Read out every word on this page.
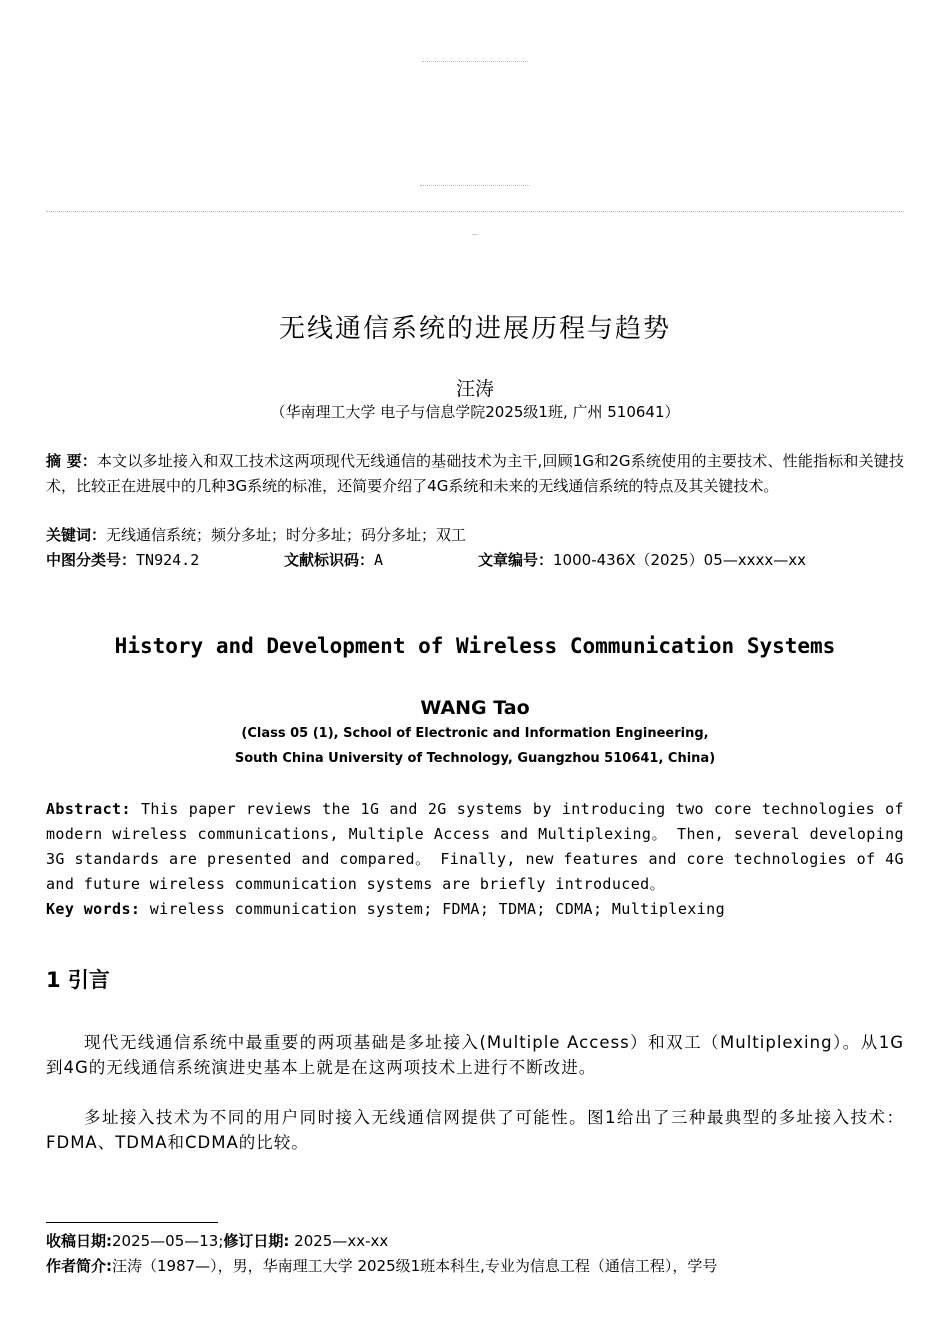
无线通信系统的进展历程与趋势
汪涛
（华南理工大学 电子与信息学院2025级1班, 广州 510641）
摘 要：本文以多址接入和双工技术这两项现代无线通信的基础技术为主干,回顾1G和2G系统使用的主要技术、性能指标和关键技术，比较正在进展中的几种3G系统的标准，还简要介绍了4G系统和未来的无线通信系统的特点及其关键技术。
关键词：无线通信系统；频分多址；时分多址；码分多址；双工
中图分类号：TN924.2	文献标识码：A	文章编号：1000-436X（2025）05—xxxx—xx
History and Development of Wireless Communication Systems
WANG Tao
(Class 05 (1), School of Electronic and Information Engineering,
South China University of Technology, Guangzhou 510641, China)
Abstract: This paper reviews the 1G and 2G systems by introducing two core technologies of modern wireless communications, Multiple Access and Multiplexing。 Then, several developing 3G standards are presented and compared。 Finally, new features and core technologies of 4G and future wireless communication systems are briefly introduced。
Key words: wireless communication system; FDMA; TDMA; CDMA; Multiplexing
1 引言
现代无线通信系统中最重要的两项基础是多址接入(Multiple Access）和双工（Multiplexing）。从1G到4G的无线通信系统演进史基本上就是在这两项技术上进行不断改进。
多址接入技术为不同的用户同时接入无线通信网提供了可能性。图1给出了三种最典型的多址接入技术：FDMA、TDMA和CDMA的比较。
收稿日期:2025—05—13;修订日期: 2025—xx-xx
作者简介:汪涛（1987—），男，华南理工大学 2025级1班本科生,专业为信息工程（通信工程），学号
